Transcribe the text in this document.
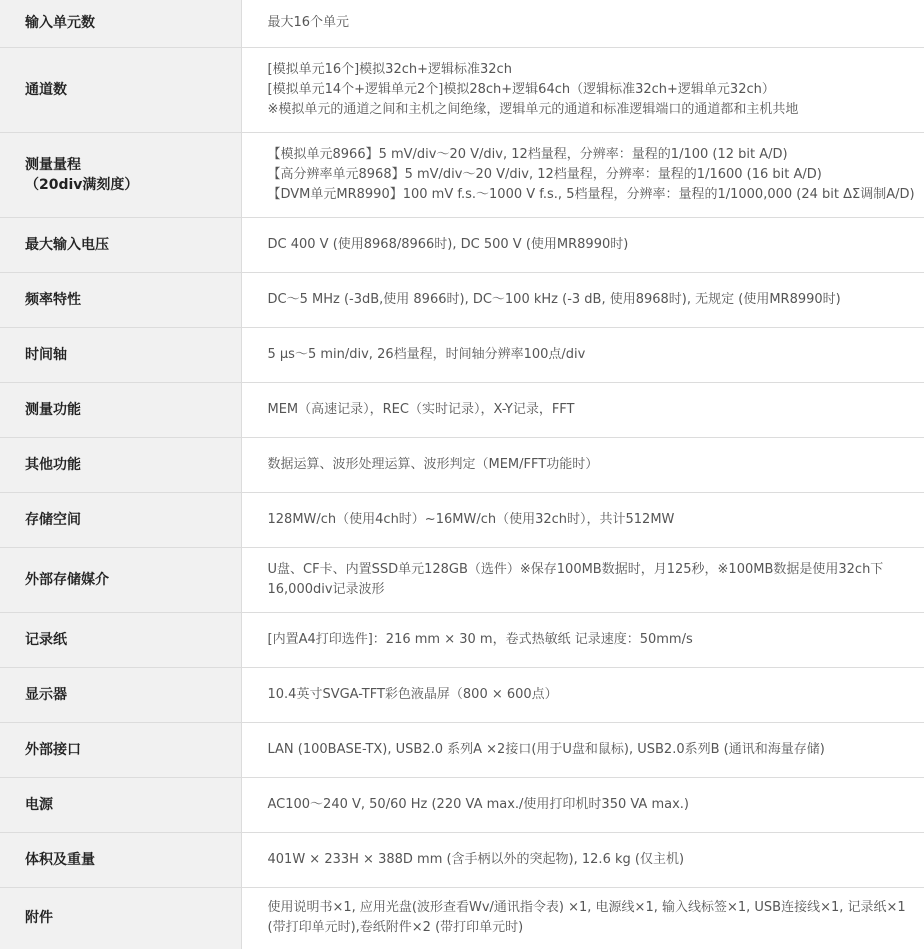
输入单元数	最大16个单元

通道数	[模拟单元16个]模拟32ch+逻辑标准32ch
[模拟单元14个+逻辑单元2个]模拟28ch+逻辑64ch（逻辑标准32ch+逻辑单元32ch）
※模拟单元的通道之间和主机之间绝缘，逻辑单元的通道和标准逻辑端口的通道都和主机共地

测量量程
（20div满刻度）	【模拟单元8966】5 mV/div～20 V/div, 12档量程，分辨率：量程的1/100 (12 bit A/D)
【高分辨率单元8968】5 mV/div～20 V/div, 12档量程，分辨率：量程的1/1600 (16 bit A/D)
【DVM单元MR8990】100 mV f.s.～1000 V f.s., 5档量程，分辨率：量程的1/1000,000 (24 bit ΔΣ调制A/D)

最大输入电压	DC 400 V (使用8968/8966时), DC 500 V (使用MR8990时)

频率特性	DC～5 MHz (-3dB,使用 8966时), DC～100 kHz (-3 dB, 使用8968时), 无规定 (使用MR8990时)

时间轴	5 μs～5 min/div, 26档量程，时间轴分辨率100点/div

测量功能	MEM（高速记录），REC（实时记录），X-Y记录，FFT

其他功能	数据运算、波形处理运算、波形判定（MEM/FFT功能时）

存储空间	128MW/ch（使用4ch时）~16MW/ch（使用32ch时），共计512MW

外部存储媒介	U盘、CF卡、内置SSD单元128GB（选件）※保存100MB数据时，月125秒，※100MB数据是使用32ch下
16,000div记录波形

记录纸	[内置A4打印选件]：216 mm × 30 m，卷式热敏纸 记录速度：50mm/s

显示器	10.4英寸SVGA-TFT彩色液晶屏（800 × 600点）

外部接口	LAN (100BASE-TX), USB2.0 系列A ×2接口(用于U盘和鼠标), USB2.0系列B (通讯和海量存储)

电源	AC100～240 V, 50/60 Hz (220 VA max./使用打印机时350 VA max.)

体积及重量	401W × 233H × 388D mm (含手柄以外的突起物), 12.6 kg (仅主机)

附件	使用说明书×1, 应用光盘(波形查看Wv/通讯指令表) ×1, 电源线×1, 输入线标签×1, USB连接线×1, 记录纸×1
(带打印单元时),卷纸附件×2 (带打印单元时)
